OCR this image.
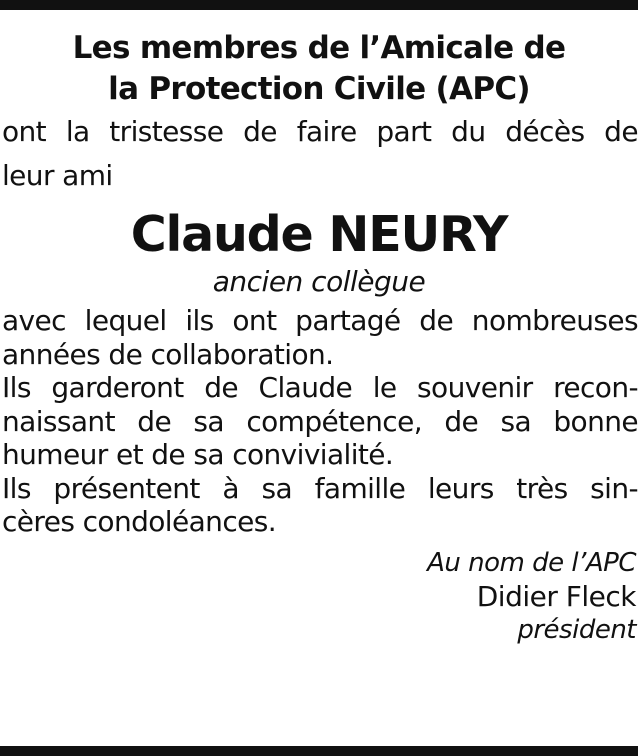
Les membres de l’Amicale de
la Protection Civile (APC)
ont la tristesse de faire part du décès de
leur ami
Claude NEURY
ancien collègue
avec lequel ils ont partagé de nombreuses
années de collaboration.
Ils garderont de Claude le souvenir recon-
naissant de sa compétence, de sa bonne
humeur et de sa convivialité.
Ils présentent à sa famille leurs très sin-
cères condoléances.
Au nom de l’APC
Didier Fleck
président
